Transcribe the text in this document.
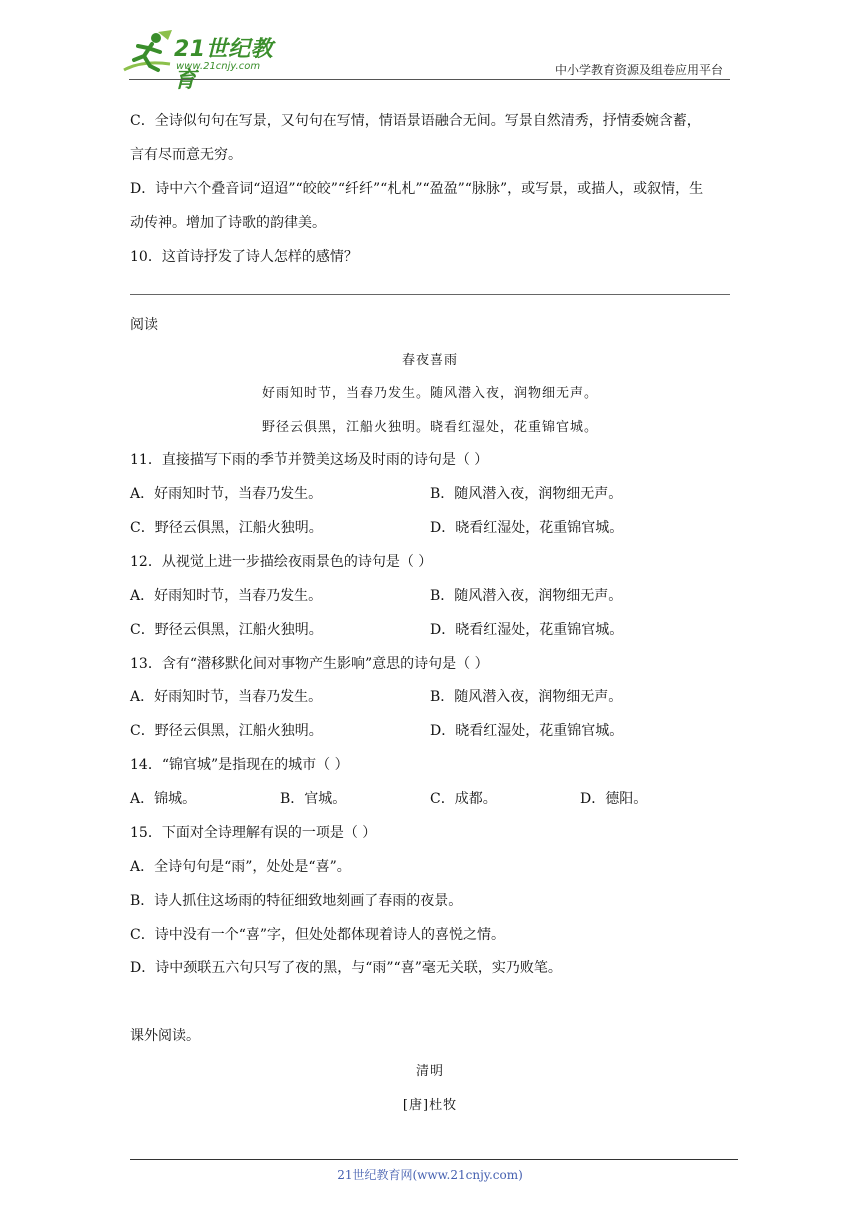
21世纪教育
www.21cnjy.com	中小学教育资源及组卷应用平台
C．全诗似句句在写景，又句句在写情，情语景语融合无间。写景自然清秀，抒情委婉含蓄，
言有尽而意无穷。
D．诗中六个叠音词“迢迢”“皎皎”“纤纤”“札札”“盈盈”“脉脉”，或写景，或描人，或叙情，生
动传神。增加了诗歌的韵律美。
10．这首诗抒发了诗人怎样的感情？
阅读
春夜喜雨
好雨知时节，当春乃发生。随风潜入夜，润物细无声。
野径云俱黑，江船火独明。晓看红湿处，花重锦官城。
11．直接描写下雨的季节并赞美这场及时雨的诗句是（ ）
A．好雨知时节，当春乃发生。	B．随风潜入夜，润物细无声。
C．野径云俱黑，江船火独明。	D．晓看红湿处，花重锦官城。
12．从视觉上进一步描绘夜雨景色的诗句是（ ）
A．好雨知时节，当春乃发生。	B．随风潜入夜，润物细无声。
C．野径云俱黑，江船火独明。	D．晓看红湿处，花重锦官城。
13．含有“潜移默化间对事物产生影响”意思的诗句是（ ）
A．好雨知时节，当春乃发生。	B．随风潜入夜，润物细无声。
C．野径云俱黑，江船火独明。	D．晓看红湿处，花重锦官城。
14．“锦官城”是指现在的城市（ ）
A．锦城。	B．官城。	C．成都。	D．德阳。
15．下面对全诗理解有误的一项是（ ）
A．全诗句句是“雨”，处处是“喜”。
B．诗人抓住这场雨的特征细致地刻画了春雨的夜景。
C．诗中没有一个“喜”字，但处处都体现着诗人的喜悦之情。
D．诗中颈联五六句只写了夜的黑，与“雨”“喜”毫无关联，实乃败笔。
课外阅读。
清明
[唐]杜牧
21世纪教育网(www.21cnjy.com)
